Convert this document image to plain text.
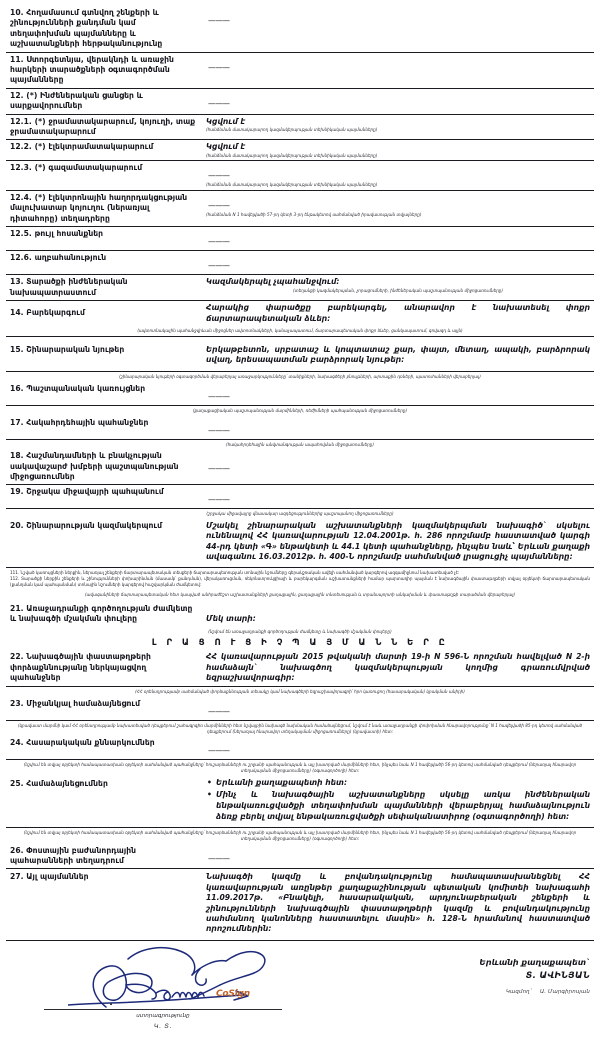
10. Հողամասում գտնվող շենքերի և շինությունների քանդման կամ տեղափոխման պայմանները և աշխատանքների հերթականությունը	———
11. Ստորգետնյա, վերակնդի և առաջին հարկերի տարածքների օգտագործման պայմանները	———
12. (*) Ինժեներական ցանցեր և սարքավորումներ	———
12.1. (*) ջրամատակարարում, կոյուղի, տաք ջրամատակարարում	Կցվում է
(hանձնման մատակարարող կազմակերպության տեխնիկական պայմանները)

12.2. (*) էլեկտրամատակարարում	Կցվում է
(hանձնման մատակարարող կազմակերպության տեխնիկական պայմանները)

12.3. (*) գազամատակարարում	———
(hանձնման մատակարարող կազմակերպության տեխնիկական պայմանները)

12.4. (*) էլեկտրոնային հաղորդակցության մալուխատար կոյուղու (ներառյալ դիտահորը) տեղադրերը	———
(hանձնման N 1 հավելվածի 57-րդ կետի 3-րդ ենթակետով սահմանված իրավասության տվյալները)

12.5. թույլ հոսանքներ	———
12.6. աղբահանություն	———
13. Տարածքի ինժեներական նախապատրաստում	Կազմակերպել չպահանջվում:
(տեղանքի կազմակերպման, չորացումների, ինժեներական պաշտպանության միջոցառումները)

14. Բարեկարգում	Հարակից փարածքը բարեկարգել, անարավոր է նախատեսել փոքր ճարտարապետական ձևեր:

(ավտոտնակային պահանջվրևան միջոցներ ավտոտնակների, կանաչապատում, ճարտարապետական փոքր ձևեր, ցանկապատում, գովազդ և այլն)	

15. Շինարարական նյութեր	Երկաթբետոն, սրբատաշ և կոպտատաշ քար, փայտ, մետաղ, ապակի, բարձրորակ սվաղ, երեսապատման բարձրորակ նյութեր:

(շինարարական նյութերի օգտագործման վերաբերյալ առաջարկությունները՝ տանիքների, նախագծերի բնույթների, արտաքին դռների, պատուհանների վերաբերյալ)	
16. Պաշտպանական կառույցներ	———

(քաղաքացիական պաշտպանության մարմինների, ռեժիմների պահպանության միջոցառումները)	
17. Հակահրդեհային պահանջներ	———

(հակահրդեհային անվտանգության ապահովման միջոցառումները)	
18. Հաշմանդամների և բնակչության սակավաշարժ խմբերի պաշտպանության միջոցառումներ	———
19. Շրջակա միջավայրի պահպանում	———

(շրջակա միջավայրը վնասակար ազդեցություններից պաշտպանող միջոցառումները)	
20. Շինարարության կազմակերպում	Մշակել շինարարական աշխատանքների կազմակերպման նախագիծ` սկսելու ունենալով ՀՀ կառավարության 12.04.2001թ. h. 286 որոշմամբ հաստատված կարգի 44-րդ կետի «Գ» ենթակետի և 44.1 կետի պահանջները, ինչպես նաև՝ Երևան քաղաքի ավագանու 16.03.2012թ. h. 400-Ն որոշմամբ սահմանված լրացուցիչ պայմանները:

111. Նշված կառույցների ներքին, ներառյալ շենքերի ճարտարապետական տեսքերի ճարտարապետության տոնային նշումները գերակշռական ավելի սահմանված կարգերով ազգամիջնում նախատեսված չէ:
112. Տարածքի ներքին շենքերի և շինությունների փոխարինման (մասամբ՝ քանդման), վերակառուցման, ռեկոնստրուկցիայի և բարեկարգման աշխատանքների համար պարտադիր պայման է նախագծային փաստաթղթերի տվյալ օբյեկտի ճարտարապետական (քանդման կամ պահպանման) տոնային նշումների կարգերով հաշվարկման ժամկետով:	

(ավագանիների ճարտարապետական հետ կապված անհրաժեշտ աշխատանքների քաղաքային, քաղաքային տնտեսության և տրանսպորտի անկախման և փաստաթղթի տարածման վերաբերյալ)	
21. Առաջադրանքի գործողության ժամկետը և նախագծի մշակման փուլերը	Մեկ տարի:

(նշվում են առաջադրանքի գործողության ժամկետը և նախագծի մշակման փուլերը)	
Լ Ր Ա Ց Ո Ւ Ց Ի Չ Պ Ա Յ Մ Ա Ն Ն Ե Ր Ը	
22. Նախագծային փաստաթղթերի փորձաքննությանը ներկայացվող պահանջներ	ՀՀ կառավարության 2015 թվականի մարտի 19-ի N 596-Ն որոշման հավելված N 2-ի համաձայն` նախագծող կազմակերպության կողմից գրառումվրված եզրաշխավորագիր:

(ՀՀ օրենսդրությամբ սահմանված փորձաքննության տեսակը կամ նախագծերի եզրաշխավորագրի՝ հրո կառուցող (հասարակական) կրակման անիրի)	
23. Միջանկյալ համաձայնեցում	———

(կրավաստ մարմնի կամ ՀՀ օրենսդրությամբ նախատեսված դեպքերում շահագրգիռ մարմինների հետ նշվայբին նախագծ նախնական համաձայնեցում, նշվում է նաև առաջադրանքի փոփոխման հնարավորությունը՝ N 1 հավելվածի 85-րդ կետով սահմանված դեպքերում (ներառյալ հնարավոր տեղակայման միջոցառումները) (կրավաստի) հետ:	
24. Հասարակական քննարկումներ	———

(նշվում են տվյալ օբյեկտի համապատասխան օբյեկտի սահմանված պահանջները՝ հուշարձանների ու շրջանի պահպանության և այլ խատրված մարմինների հետ, ինչպես նաև N 1 հավելվածի 56-րդ կետով սահմանված դեպքերում (ներառյալ հնարավոր տեղակայման միջոցառումները) (օգտագործողի) հետ:	
25. Համաձայնեցումներ	
•Երևանի քաղաքապետի հետ:
• Մինչ և նախագծային աշխատանքները սկսելը առկա ինժեներական ենթակառուցվածքի տեղափոխման պայմանների վերաբերյալ համաձայնություն ձեռք բերել տվյալ ենթակառուցվածքի սեփականատիրոջ (օգտագործողի) հետ:

(նշվում են տվյալ օբյեկտի համապատասխան օբյեկտի սահմանված պահանջները՝ հուշարձանների ու շրջանի պահպանության և այլ խատրված մարմինների հետ, ինչպես նաև N 1 հավելվածի 56-րդ կետով սահմանված դեպքերում (ներառյալ հնարավոր տեղակայման միջոցառումները) (օգտագործողի) հետ:	
26. Փոստային բաժանորդային պահարանների տեղադրում	———
27. Այլ պայմաններ	Նախագծի կազմը և բովանդակությունը համապատասխանեցնել ՀՀ կառավարության առընթեր քաղաքաշինության պետական կոմիտեի նախագահի 11.09.2017թ. «Բնակելի, հասարակական, արդյունաբերական շենքերի և շինությունների նախագծային փաստաթղթերի կազմը և բովանդակությունը սահմանող կանոնները հաստատելու մասին» h. 128-Ն հրամանով հաստատված որոշումներին:

Երևանի քաղաքապետ`
Տ. ԱՎԻՆՅԱՆ
Կազմող` Ա. Մարգիրոսյան
CoSign
ստորագրությունը
Կ. Տ.
